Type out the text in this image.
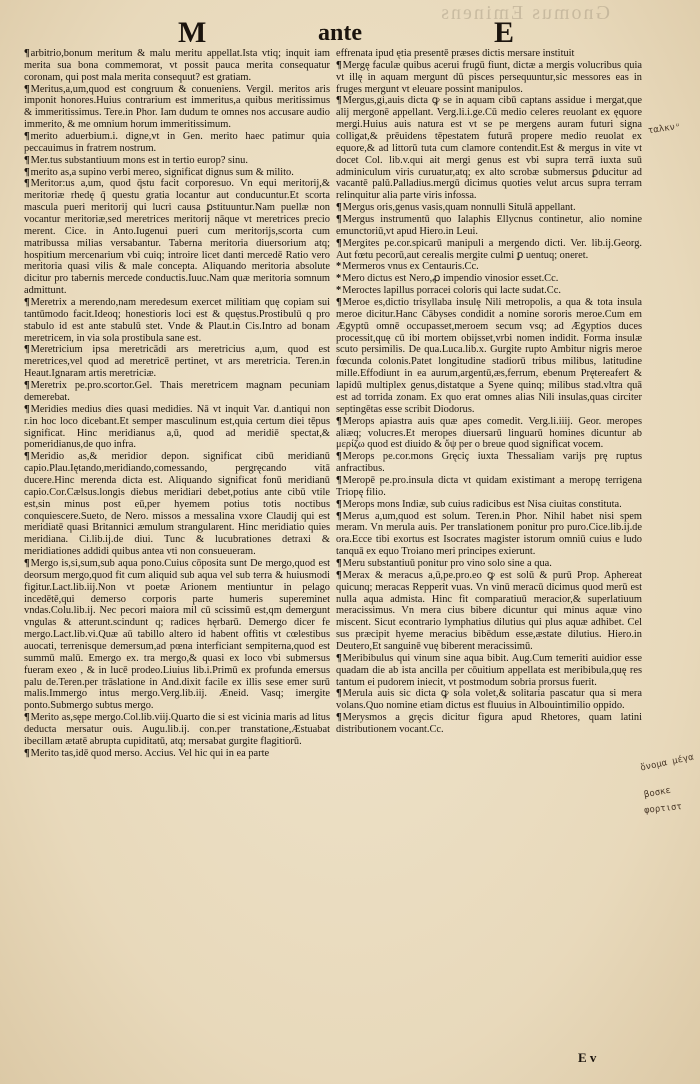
Gnomus Eminens
M	ante	E

¶ arbitrio,bonum meritum & malu meritu appellat.Ista vtiq; inquit iam merita sua bona commemorat, vt possit pauca merita consequatur coronam, qui post mala merita consequut? est gratiam.

¶ Meritus,a,um,quod est congruum & conueniens. Vergil. meritos aris imponit honores.Huius contrarium est immeritus,a quibus meritissimus & immeritissimus. Tere.in Phor. Iam dudum te omnes nos accusare audio immerito, & me omnium horum immeritissimum.

¶ merito aduerbium.i. digne,vt in Gen. merito haec patimur quia peccauimus in fratrem nostrum.

¶ Mer.tus substantiuum mons est in tertio europ? sinu.

¶ merito as,a supino verbi mereo, significat dignus sum & milito.

¶ Meritor:us a,um, quod q̄stu facit corporesuo. Vn equi meritorij,& meritoriæ rhedę q̄ questu gratia locantur aut conducuntur.Et scorta mascula pueri meritorij qui lucri causa ꝑstituuntur.Nam puellæ non vocantur meritoriæ,sed meretrices meritorij nāque vt meretrices precio merent. Cice. in Anto.Iugenui pueri cum meritorijs,scorta cum matribussa milias versabantur. Taberna meritoria diuersorium atq; hospitium mercenarium vbi cuiq; introire licet danti mercedē Ratio vero meritoria quasi vilis & male concepta. Aliquando meritoria absolute dicitur pro tabernis mercede conductis.Iuuc.Nam quæ meritoria somnum admittunt.

¶ Meretrix a merendo,nam meredesum exercet militiam quę copiam sui tantūmodo facit.Ideoq; honestioris loci est & quęstus.Prostibulū q pro stabulo id est ante stabulū stet. Vnde & Plaut.in Cis.Intro ad bonam meretricem, in via sola prostibula sane est.

¶ Meretricium ipsa meretricādi ars meretricius a,um, quod est meretrices,vel quod ad meretricē pertinet, vt ars meretricia. Teren.in Heaut.Ignaram artis meretriciæ.

¶ Meretrix pe.pro.scortor.Gel. Thais meretricem magnam pecuniam demerebat.

¶ Meridies medius dies quasi medidies. Nā vt inquit Var. d.antiqui non r.in hoc loco dicebant.Et semper masculinum est,quia certum diei tēpus significat. Hinc meridianus a,ū, quod ad meridiē spectat,& pomeridianus,de quo infra.

¶ Meridio as,& meridior depon. significat cibū meridianū capio.Plau.Iętando,meridiando,comessando, pergręcando vitā ducere.Hinc merenda dicta est. Aliquando significat fonū meridianū capio.Cor.Cælsus.longis diebus meridiari debet,potius ante cibū vtile est,sin minus post eū,per hyemem potius totis noctibus conquiescere.Sueto, de Nero. missos a messalina vxore Claudij qui est meridiatē quasi Britannici æmulum strangularent. Hinc meridiatio quies meridiana. Ci.lib.ij.de diui. Tunc & lucubrationes detraxi & meridiationes addidi quibus antea vti non consueueram.

¶ Mergo is,si,sum,sub aqua pono.Cuius cōposita sunt De mergo,quod est deorsum mergo,quod fit cum aliquid sub aqua vel sub terra & huiusmodi figitur.Lact.lib.iij.Non vt poetæ Arionem mentiuntur in pelago incedētē,qui demerso corporis parte humeris supereminet vndas.Colu.lib.ij. Nec pecori maiora mil cū scissimū est,qm demergunt vngulas & atterunt.scindunt q; radices hęrbarū. Demergo dicer fe mergo.Lact.lib.vi.Quæ aū tabillo altero id habent offitis vt cœlestibus auocati, terrenisque demersum,ad pœna interficiant sempiterna,quod est summū malū. Emergo ex. tra mergo,& quasi ex loco vbi submersus fueram exeo , & in lucē prodeo.Liuius lib.i.Primū ex profunda emersus palu de.Teren.per trāslatione in And.dixit facile ex illis sese emer surū malis.Immergo intus mergo.Verg.lib.iij. Æneid. Vasq; imergite ponto.Submergo subtus mergo.

¶ Merito as,sępe mergo.Col.lib.viij.Quarto die si est vicinia maris ad litus deducta mersatur ouis. Augu.lib.ij. con.per transtatione,Æstuabat ibecillam ætatē abrupta cupiditatū, atq; mersabat gurgite flagitiorū.

¶ Merito tas,idē quod merso. Accius. Vel hic qui in ea parte

effrenata ipud ętia presentē præses dictis mersare instituit

¶ Mergę faculæ quibus acerui frugū fiunt, dictæ a mergis volucribus quia vt illę in aquam mergunt dū pisces persequuntur,sic messores eas in fruges mergunt vt eleuare possint manipulos.

¶ Mergus,gi,auis dicta ꝙ se in aquam cibū captans assidue i mergat,que alij mergonē appellant. Verg.li.i.ge.Cū medio celeres reuolant ex ęquore mergi.Huius auis natura est vt se pe mergens auram futuri signa colligat,& prēuidens tēpestatem futurā propere medio reuolat ex equore,& ad littorū tuta cum clamore contendit.Est & mergus in vite vt docet Col. lib.v.qui ait mergi genus est vbi supra terrā iuxta suū adminiculum viris curuatur,atq; ex alto scrobæ submersus ꝑducitur ad vacantē palū.Palladius.mergū dicimus quoties velut arcus supra terram relinquitur alia parte viris infossa.

¶ Mergus oris,genus vasis,quam nonnulli Situlā appellant.

¶ Mergus instrumentū quo Ialaphis Ellycnus continetur, alio nomine emunctoriū,vt apud Hiero.in Leui.

¶ Mergites pe.cor.spicarū manipuli a mergendo dicti. Ver. lib.ij.Georg. Aut fœtu pecorū,aut cerealis mergite culmi ꝑ uentuq; oneret.

* Mermeros vnus ex Centauris.Cc.

* Mero dictus est Nero,ꝓ impendio vinosior esset.Cc.

* Meroctes lapillus porracei coloris qui lacte sudat.Cc.

¶ Meroe es,dictio trisyllaba insulę Nili metropolis, a qua & tota insula meroe dicitur.Hanc Cābyses condidit a nomine sororis meroe.Cum em Ægyptū omnē occupasset,meroem secum vsq; ad Ægyptios duces processit,quę cū ibi mortem obijsset,vrbi nomen indidit. Forma insulæ scuto persimilis. De qua.Luca.lib.x. Gurgite rupto Ambitur nigris meroe fœcunda colonis.Patet longitudine stadiorū tribus milibus, latitudine mille.Effodiunt in ea aurum,argentū,æs,ferrum, ebenum Prętereafert & lapidū multiplex genus,distatque a Syene quinq; milibus stad.vltra quā est ad torrida zonam. Ex quo erat omnes alias Nili insulas,quas circiter septingētas esse scribit Diodorus.

¶ Merops apiastra auis quæ apes comedit. Verg.li.iiij. Geor. meropes aliæq; volucres.Et meropes diuersarū linguarū homines dicuntur ab μερίζω quod est diuido & ὄψ per o breue quod significat vocem.

¶ Merops pe.cor.mons Gręciç iuxta Thessaliam varijs prę ruptus anfractibus.

¶ Meropē pe.pro.insula dicta vt quidam existimant a meropę terrigena Triopę filio.

¶ Merops mons Indiæ, sub cuius radicibus est Nisa ciuitas constituta.

¶ Merus a,um,quod est solum. Teren.in Phor. Nihil habet nisi spem meram. Vn merula auis. Per translationem ponitur pro puro.Cice.lib.ij.de ora.Ecce tibi exortus est Isocrates magister istorum omniū cuius e ludo tanquā ex equo Troiano meri principes exierunt.

¶ Meru substantiuū ponitur pro vino solo sine a qua.

¶ Merax & meracus a,ū,pe.pro.eo ꝙ est solū & purū Prop. Aphereat quicunq; meracas Repperit vuas. Vn vinū meracū dicimus quod merū est nulla aqua admista. Hinc fit comparatiuū meracior,& superlatiuum meracissimus. Vn mera cius bibere dicuntur qui minus aquæ vino miscent. Sicut econtrario lymphatius dilutius qui plus aquæ adhibet. Cel sus præcipit hyeme meracius bibēdum esse,æstate dilutius. Hiero.in Deutero,Et sanguinē vuę biberent meracissimū.

¶ Meribibulus qui vinum sine aqua bibit. Aug.Cum temeriti auidior esse quadam die ab ista ancilla per cōuitium appellata est meribibula,quę res tantum ei pudorem iniecit, vt postmodum sobria prorsus fuerit.

¶ Merula auis sic dicta ꝙ sola volet,& solitaria pascatur qua si mera volans.Quo nomine etiam dictus est fluuius in Albouintimilio oppido.

¶ Merysmos a grȩcis dicitur figura apud Rhetores, quam latini distributionem vocant.Cc.

ταλκνᵘ
ὄνομα μέγα
βοσκε
φορτιστ
E v
